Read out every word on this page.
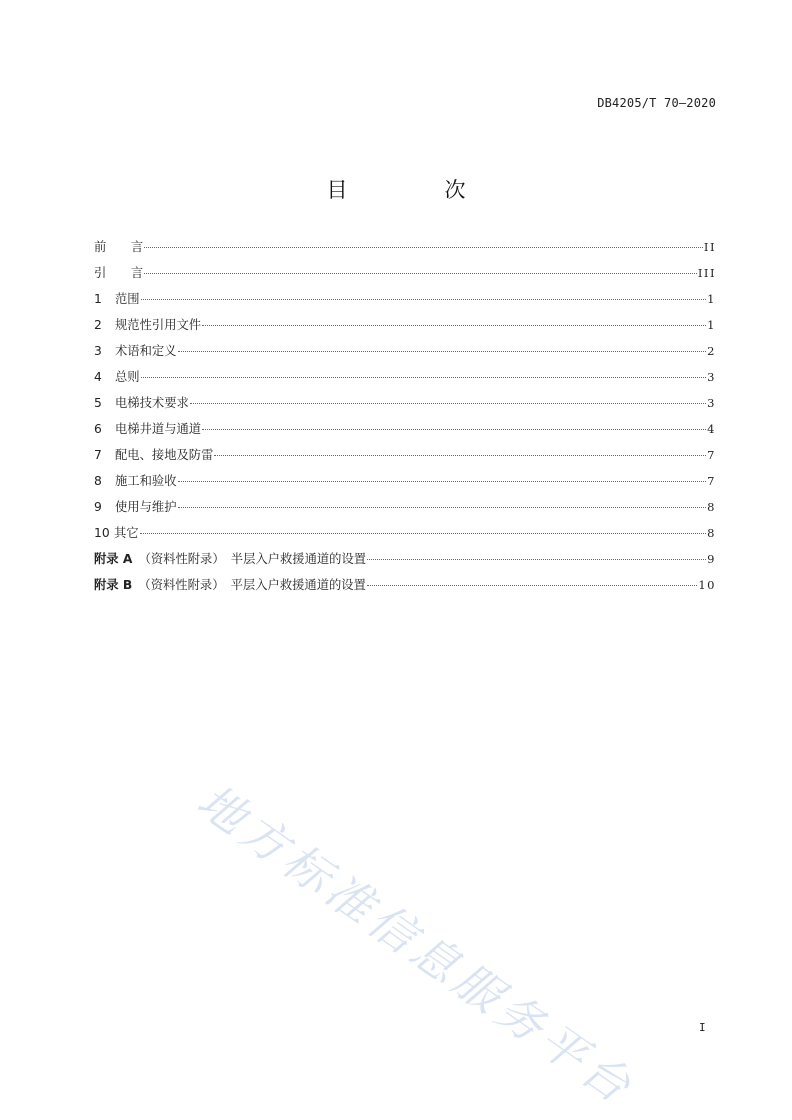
DB4205/T 70—2020
目　次
前　　言	II
引　　言	III
1 范围	1
2 规范性引用文件	1
3 术语和定义	2
4 总则	3
5 电梯技术要求	3
6 电梯井道与通道	4
7 配电、接地及防雷	7
8 施工和验收	7
9 使用与维护	8
10 其它	8
附录 A　 （资料性附录）　半层入户救援通道的设置	9
附录 B　 （资料性附录）　平层入户救援通道的设置	10
地方标准信息服务平台	I
